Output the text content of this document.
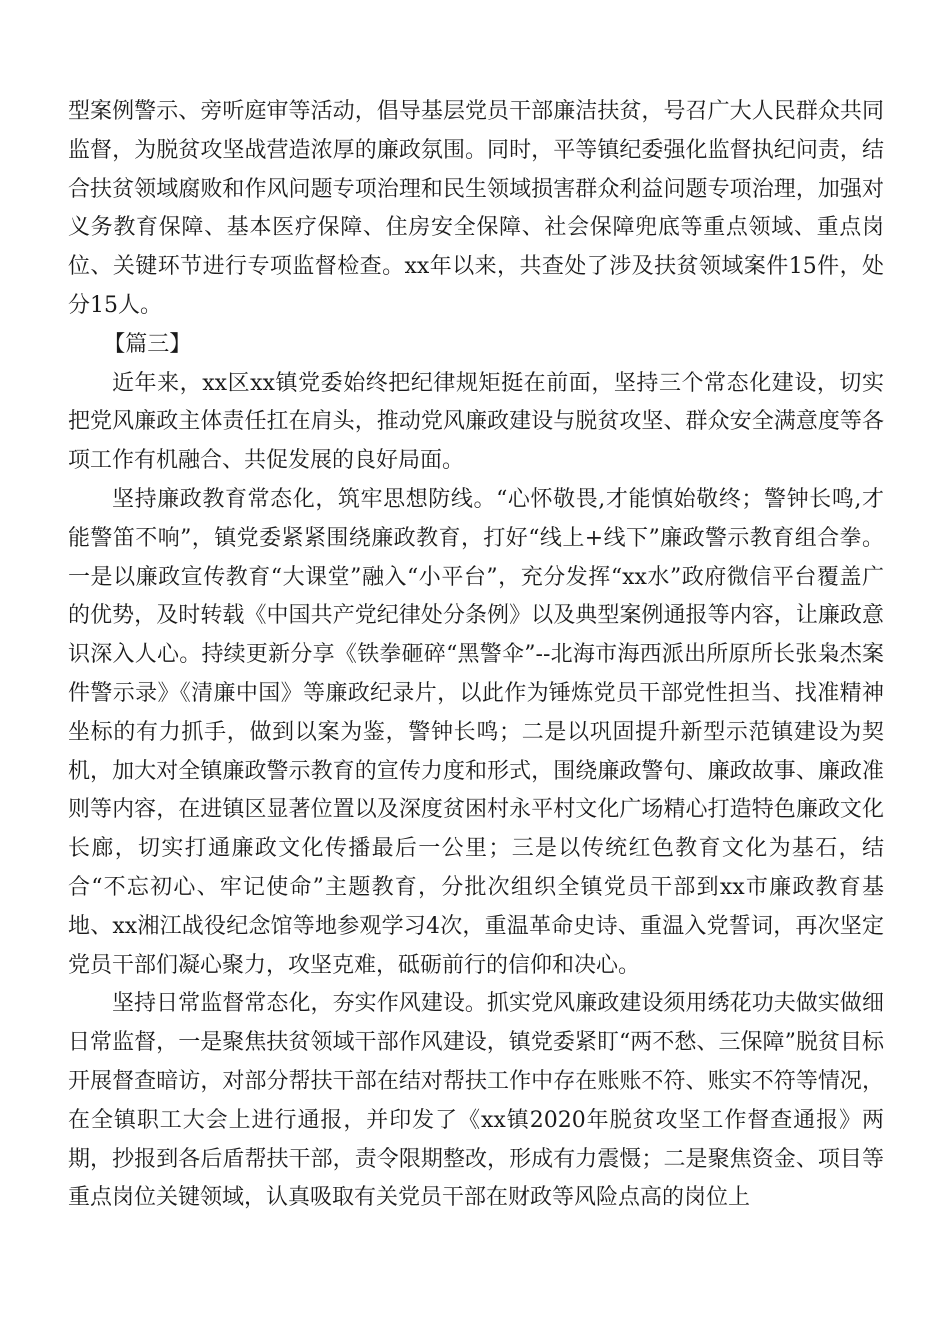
型案例警示、旁听庭审等活动，倡导基层党员干部廉洁扶贫，号召广大人民群众共同监督，为脱贫攻坚战营造浓厚的廉政氛围。同时，平等镇纪委强化监督执纪问责，结合扶贫领域腐败和作风问题专项治理和民生领域损害群众利益问题专项治理，加强对义务教育保障、基本医疗保障、住房安全保障、社会保障兜底等重点领域、重点岗位、关键环节进行专项监督检查。xx年以来，共查处了涉及扶贫领域案件15件，处分15人。

【篇三】

近年来，xx区xx镇党委始终把纪律规矩挺在前面，坚持三个常态化建设，切实把党风廉政主体责任扛在肩头，推动党风廉政建设与脱贫攻坚、群众安全满意度等各项工作有机融合、共促发展的良好局面。

坚持廉政教育常态化，筑牢思想防线。“心怀敬畏,才能慎始敬终；警钟长鸣,才能警笛不响”，镇党委紧紧围绕廉政教育，打好“线上+线下”廉政警示教育组合拳。一是以廉政宣传教育“大课堂”融入“小平台”，充分发挥“xx水”政府微信平台覆盖广的优势，及时转载《中国共产党纪律处分条例》以及典型案例通报等内容，让廉政意识深入人心。持续更新分享《铁拳砸碎“黑警伞”--北海市海西派出所原所长张枭杰案件警示录》《清廉中国》等廉政纪录片，以此作为锤炼党员干部党性担当、找准精神坐标的有力抓手，做到以案为鉴，警钟长鸣；二是以巩固提升新型示范镇建设为契机，加大对全镇廉政警示教育的宣传力度和形式，围绕廉政警句、廉政故事、廉政准则等内容，在进镇区显著位置以及深度贫困村永平村文化广场精心打造特色廉政文化长廊，切实打通廉政文化传播最后一公里；三是以传统红色教育文化为基石，结合“不忘初心、牢记使命”主题教育，分批次组织全镇党员干部到xx市廉政教育基地、xx湘江战役纪念馆等地参观学习4次，重温革命史诗、重温入党誓词，再次坚定党员干部们凝心聚力，攻坚克难，砥砺前行的信仰和决心。

坚持日常监督常态化，夯实作风建设。抓实党风廉政建设须用绣花功夫做实做细日常监督，一是聚焦扶贫领域干部作风建设，镇党委紧盯“两不愁、三保障”脱贫目标开展督查暗访，对部分帮扶干部在结对帮扶工作中存在账账不符、账实不符等情况，在全镇职工大会上进行通报，并印发了《xx镇2020年脱贫攻坚工作督查通报》两期，抄报到各后盾帮扶干部，责令限期整改，形成有力震慑；二是聚焦资金、项目等重点岗位关键领域，认真吸取有关党员干部在财政等风险点高的岗位上
